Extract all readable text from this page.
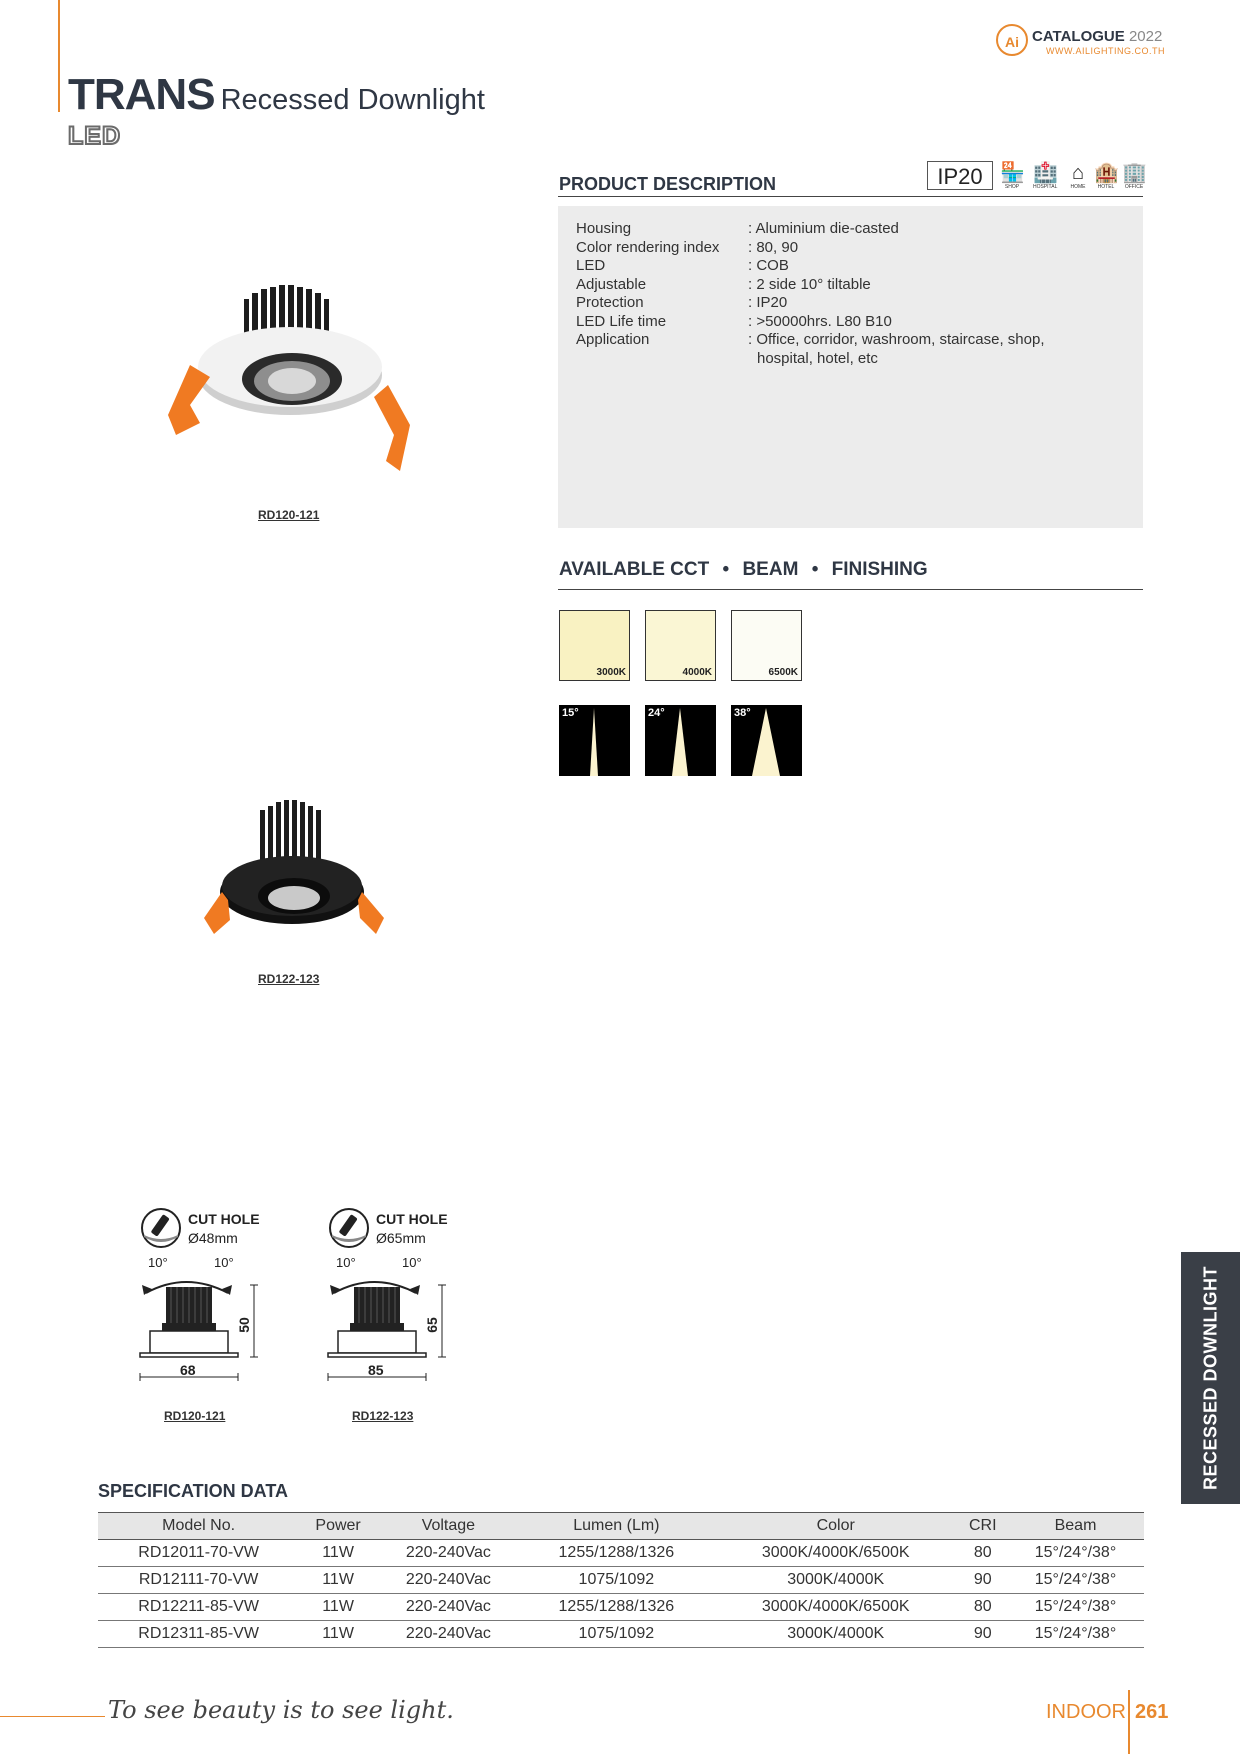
TRANS Recessed Downlight
LED
Ai CATALOGUE 2022
WWW.AILIGHTING.CO.TH
RD120-121
RD122-123
PRODUCT DESCRIPTION	IP20 🏪
SHOP
🏥
HOSPITAL
⌂
HOME
🏨
HOTEL
🏢
OFFICE
Housing	: Aluminium die-casted
Color rendering index : 80, 90
LED	: COB
Adjustable	: 2 side 10° tiltable
Protection	: IP20
LED Life time	: >50000hrs. L80 B10
Application	: Office, corridor, washroom, staircase, shop,
hospital, hotel, etc
AVAILABLE CCT • BEAM • FINISHING
3000K	4000K	6500K
15°	24°	38°
CUT HOLE
Ø48mm
10°	10°
50
68
RD120-121
CUT HOLE
Ø65mm
10°	10°
65
85
RD122-123
SPECIFICATION DATA
Model No.	Power	Voltage	Lumen (Lm)	Color	CRI	Beam
RD12011-70-VW	11W	220-240Vac	1255/1288/1326	3000K/4000K/6500K	80	15°/24°/38°
RD12111-70-VW	11W	220-240Vac	1075/1092	3000K/4000K	90	15°/24°/38°
RD12211-85-VW	11W	220-240Vac	1255/1288/1326	3000K/4000K/6500K	80	15°/24°/38°
RD12311-85-VW	11W	220-240Vac	1075/1092	3000K/4000K	90	15°/24°/38°
RECESSED DOWNLIGHT
To see beauty is to see light.	INDOOR 261
